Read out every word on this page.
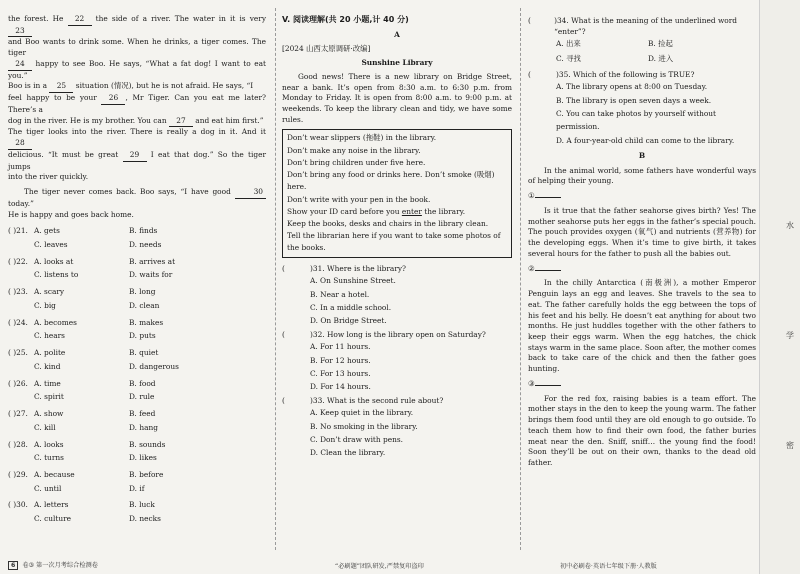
the forest. He 22 the side of a river. The water in it is very 23

and Boo wants to drink some. When he drinks, a tiger comes. The tiger

24 happy to see Boo. He says, “What a fat dog! I want to eat you.”

Boo is in a 25 situation (情况), but he is not afraid. He says, “I

feel happy to be your 26 , Mr Tiger. Can you eat me later? There’s a

dog in the river. He is my brother. You can 27 and eat him first.”

The tiger looks into the river. There is really a dog in it. And it 28

delicious. “It must be great 29 I eat that dog.” So the tiger jumps

into the river quickly.

The tiger never comes back. Boo says, “I have good	30 today.”

He is happy and goes back home.

( )21. A. gets	B. finds
C. leaves	D. needs
( )22. A. looks at	B. arrives at
C. listens to	D. waits for
( )23. A. scary	B. long
C. big	D. clean
( )24. A. becomes	B. makes
C. hears	D. puts
( )25. A. polite	B. quiet
C. kind	D. dangerous
( )26. A. time	B. food
C. spirit	D. rule
( )27. A. show	B. feed
C. kill	D. hang
( )28. A. looks	B. sounds
C. turns	D. likes
( )29. A. because	B. before
C. until	D. if
( )30. A. letters	B. luck
C. culture	D. necks
V. 阅读理解(共 20 小题,计 40 分)
A
[2024 山西太原调研·改编]
Sunshine Library

Good news! There is a new library on Bridge Street, near a bank. It’s open from 8:30 a.m. to 6:30 p.m. from Monday to Friday. It is open from 8:00 a.m. to 9:00 p.m. at weekends. To keep the library clean and tidy, we have some rules.

Don’t wear slippers (拖鞋) in the library.
Don’t make any noise in the library.
Don’t bring children under five here.
Don’t bring any food or drinks here. Don’t smoke (吸烟) here.
Don’t write with your pen in the book.
Show your ID card before you enter the library.
Keep the books, desks and chairs in the library clean.
Tell the librarian here if you want to take some photos of the books.
(	)31. Where is the library?
A. On Sunshine Street.
B. Near a hotel.
C. In a middle school.
D. On Bridge Street.
(	)32. How long is the library open on Saturday?
A. For 11 hours.
B. For 12 hours.
C. For 13 hours.
D. For 14 hours.
(	)33. What is the second rule about?
A. Keep quiet in the library.
B. No smoking in the library.
C. Don’t draw with pens.
D. Clean the library.
(	)34. What is the meaning of the underlined word “enter”?
A. 出来	B. 捡起
C. 寻找	D. 进入
(	)35. Which of the following is TRUE?
A. The library opens at 8:00 on Tuesday.
B. The library is open seven days a week.
C. You can take photos by yourself without permission.
D. A four-year-old child can come to the library.
B

In the animal world, some fathers have wonderful ways of helping their young.

①

Is it true that the father seahorse gives birth? Yes! The mother seahorse puts her eggs in the father’s special pouch. The pouch provides oxygen (氧气) and nutrients (营养物) for the developing eggs. When it’s time to give birth, it takes several hours for the father to push all the babies out.

②

In the chilly Antarctica (南极洲), a mother Emperor Penguin lays an egg and leaves. She travels to the sea to eat. The father carefully holds the egg between the tops of his feet and his belly. He doesn’t eat anything for about two months. He just huddles together with the other fathers to keep their eggs warm. When the egg hatches, the chick stays warm in the same place. Soon after, the mother comes back to take care of the chick and then the father goes hunting.

③

For the red fox, raising babies is a team effort. The mother stays in the den to keep the young warm. The father brings them food until they are old enough to go outside. To teach them how to find their own food, the father buries meat near the den. Sniff, sniff… the young find the food! Soon they’ll be out on their own, thanks to the dead old father.

水
学
密
6 卷③ 第一次月考综合检测卷	“必刷题”团队研发,严禁复印盗印	初中必刷卷·英语七年级下册·人教版
